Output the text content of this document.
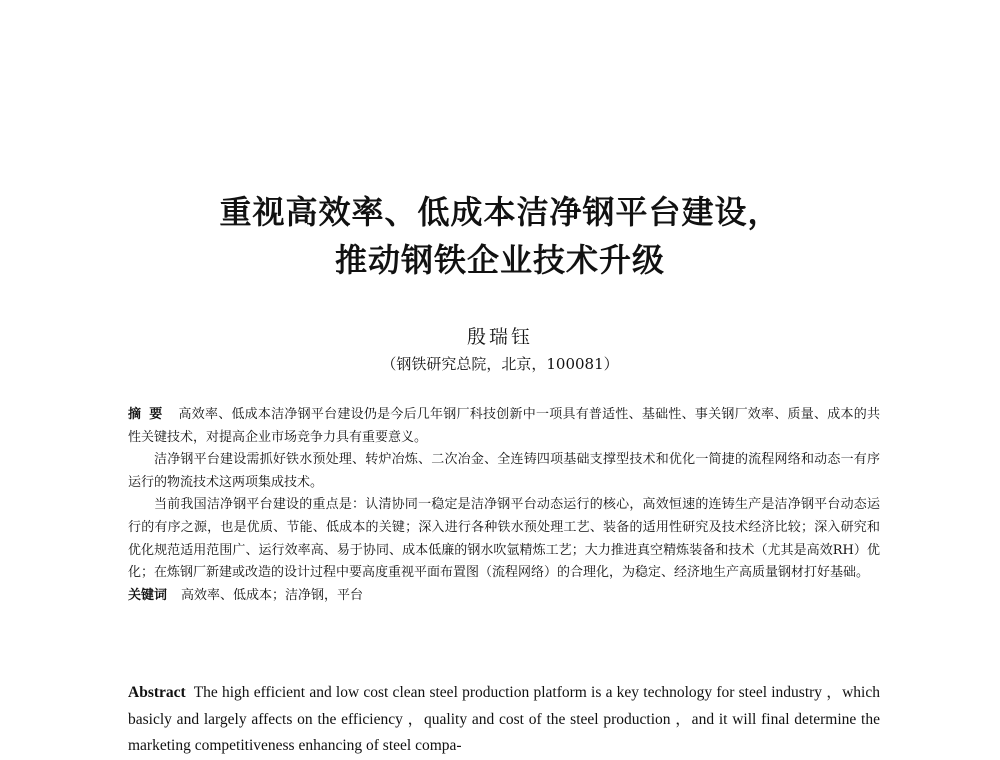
重视高效率、低成本洁净钢平台建设，
推动钢铁企业技术升级
殷瑞钰
（钢铁研究总院，北京，100081）

摘要 高效率、低成本洁净钢平台建设仍是今后几年钢厂科技创新中一项具有普适性、基础性、事关钢厂效率、质量、成本的共性关键技术，对提高企业市场竞争力具有重要意义。

洁净钢平台建设需抓好铁水预处理、转炉冶炼、二次冶金、全连铸四项基础支撑型技术和优化一简捷的流程网络和动态一有序运行的物流技术这两项集成技术。

当前我国洁净钢平台建设的重点是：认清协同一稳定是洁净钢平台动态运行的核心，高效恒速的连铸生产是洁净钢平台动态运行的有序之源，也是优质、节能、低成本的关键；深入进行各种铁水预处理工艺、装备的适用性研究及技术经济比较；深入研究和优化规范适用范围广、运行效率高、易于协同、成本低廉的钢水吹氩精炼工艺；大力推进真空精炼装备和技术（尤其是高效RH）优化；在炼钢厂新建或改造的设计过程中要高度重视平面布置图（流程网络）的合理化，为稳定、经济地生产高质量钢材打好基础。

关键词 高效率、低成本；洁净钢，平台

Abstract The high efficient and low cost clean steel production platform is a key technology for steel industry ，which basicly and largely affects on the efficiency ，quality and cost of the steel production ，and it will final determine the marketing competitiveness enhancing of steel compa-
